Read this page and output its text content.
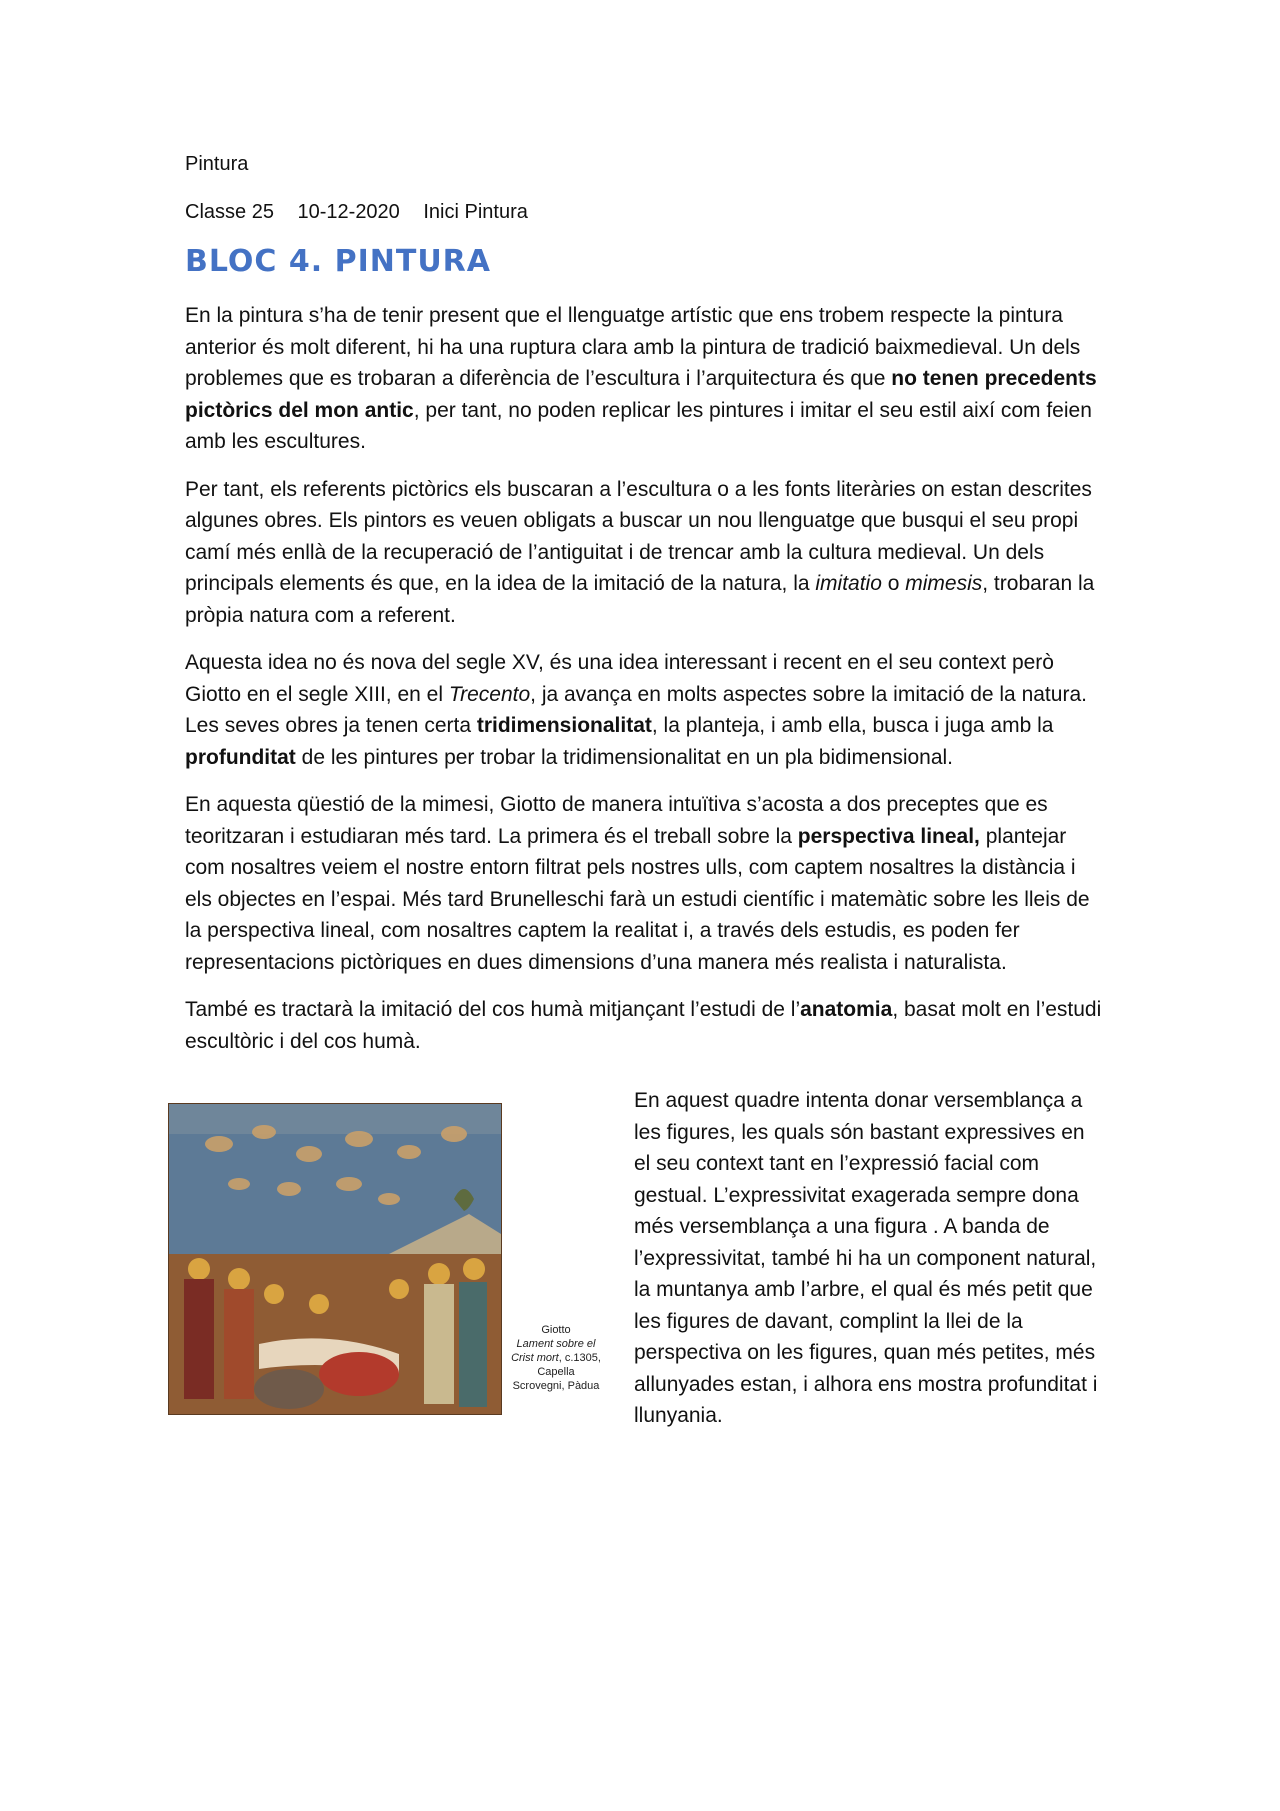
Pintura

Classe 25 10-12-2020 Inici Pintura

BLOC 4. PINTURA

En la pintura s’ha de tenir present que el llenguatge artístic que ens trobem respecte la pintura anterior és molt diferent, hi ha una ruptura clara amb la pintura de tradició baixmedieval. Un dels problemes que es trobaran a diferència de l’escultura i l’arquitectura és que no tenen precedents pictòrics del mon antic, per tant, no poden replicar les pintures i imitar el seu estil així com feien amb les escultures.

Per tant, els referents pictòrics els buscaran a l’escultura o a les fonts literàries on estan descrites algunes obres. Els pintors es veuen obligats a buscar un nou llenguatge que busqui el seu propi camí més enllà de la recuperació de l’antiguitat i de trencar amb la cultura medieval. Un dels principals elements és que, en la idea de la imitació de la natura, la imitatio o mimesis, trobaran la pròpia natura com a referent.

Aquesta idea no és nova del segle XV, és una idea interessant i recent en el seu context però Giotto en el segle XIII, en el Trecento, ja avança en molts aspectes sobre la imitació de la natura. Les seves obres ja tenen certa tridimensionalitat, la planteja, i amb ella, busca i juga amb la profunditat de les pintures per trobar la tridimensionalitat en un pla bidimensional.

En aquesta qüestió de la mimesi, Giotto de manera intuïtiva s’acosta a dos preceptes que es teoritzaran i estudiaran més tard. La primera és el treball sobre la perspectiva lineal, plantejar com nosaltres veiem el nostre entorn filtrat pels nostres ulls, com captem nosaltres la distància i els objectes en l’espai. Més tard Brunelleschi farà un estudi científic i matemàtic sobre les lleis de la perspectiva lineal, com nosaltres captem la realitat i, a través dels estudis, es poden fer representacions pictòriques en dues dimensions d’una manera més realista i naturalista.

També es tractarà la imitació del cos humà mitjançant l’estudi de l’anatomia, basat molt en l’estudi escultòric i del cos humà.

Giotto
Lament sobre el
Crist mort, c.1305,
Capella
Scrovegni, Pàdua

En aquest quadre intenta donar versemblança a les figures, les quals són bastant expressives en el seu context tant en l’expressió facial com gestual. L’expressivitat exagerada sempre dona més versemblança a una figura . A banda de l’expressivitat, també hi ha un component natural, la muntanya amb l’arbre, el qual és més petit que les figures de davant, complint la llei de la perspectiva on les figures, quan més petites, més allunyades estan, i alhora ens mostra profunditat i llunyania.
